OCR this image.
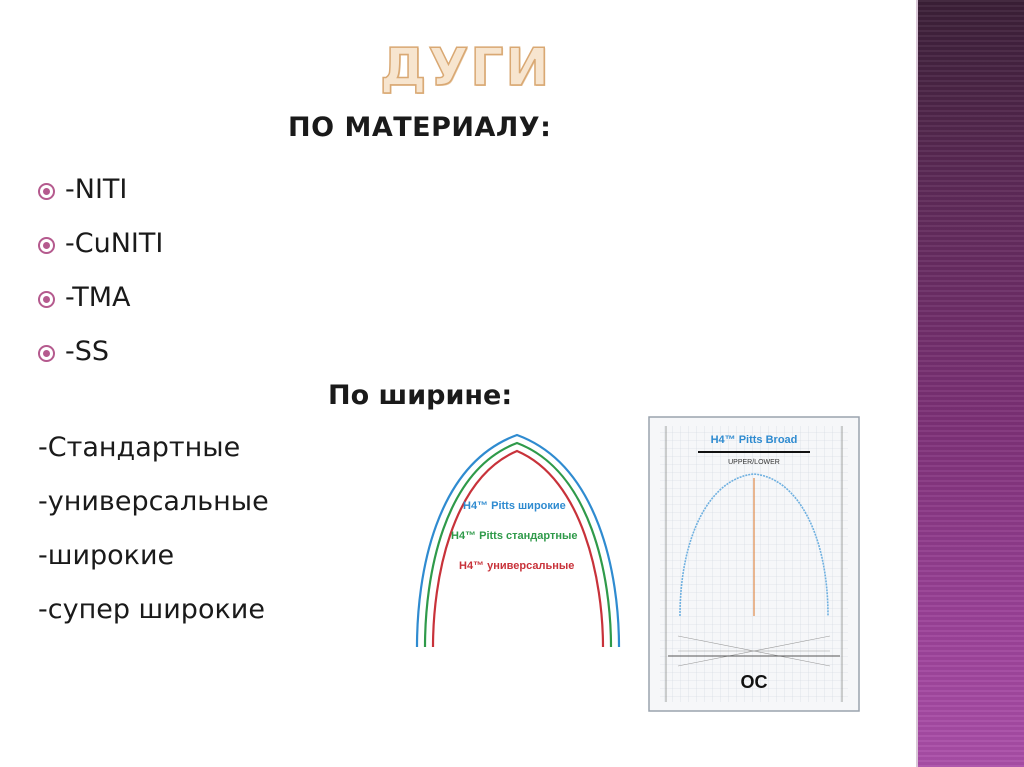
ДУГИ
ПО МАТЕРИАЛУ:
-NITI
-CuNITI
-TMA
-SS
По ширине:
-Стандартные
-универсальные
-широкие
-супер широкие
H4™ Pitts широкие
H4™ Pitts стандартные
H4™ универсальные
H4™ Pitts Broad
UPPER/LOWER
OC
